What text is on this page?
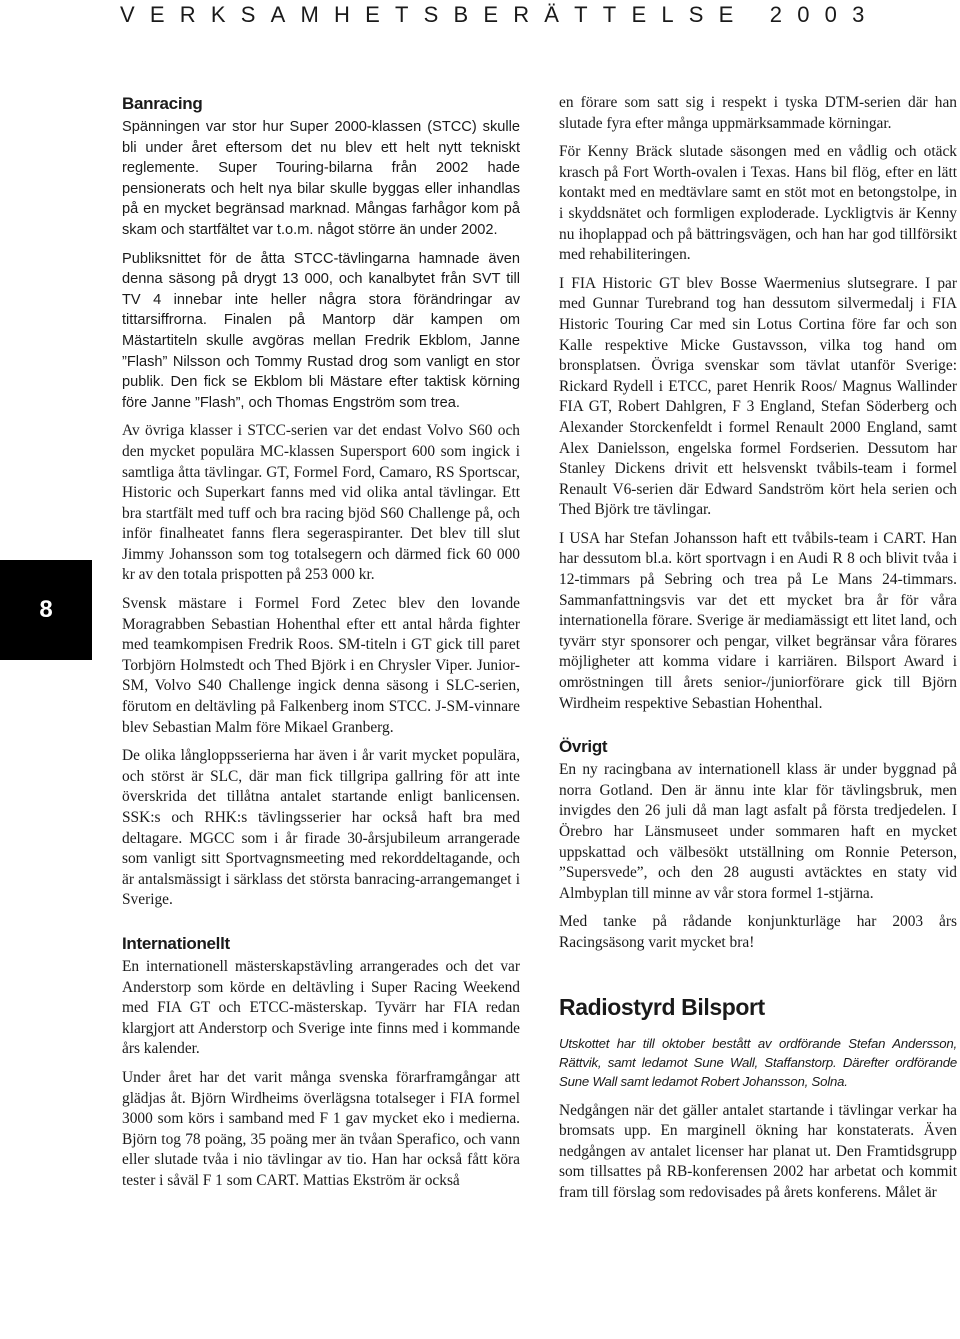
VERKSAMHETSBERÄTTELSE 2003
8
Banracing

Spänningen var stor hur Super 2000-klassen (STCC) skulle bli under året eftersom det nu blev ett helt nytt tekniskt reglemente. Super Touring-bilarna från 2002 hade pensionerats och helt nya bilar skulle byggas eller inhandlas på en mycket begränsad marknad. Mångas farhågor kom på skam och startfältet var t.o.m. något större än under 2002.

Publiksnittet för de åtta STCC-tävlingarna hamnade även denna säsong på drygt 13 000, och kanalbytet från SVT till TV 4 innebar inte heller några stora förändringar av tittarsiffrorna. Finalen på Mantorp där kampen om Mästartiteln skulle avgöras mellan Fredrik Ekblom, Janne ”Flash” Nilsson och Tommy Rustad drog som vanligt en stor publik. Den fick se Ekblom bli Mästare efter taktisk körning före Janne ”Flash”, och Thomas Engström som trea.

Av övriga klasser i STCC-serien var det endast Volvo S60 och den mycket populära MC-klassen Supersport 600 som ingick i samtliga åtta tävlingar. GT, Formel Ford, Camaro, RS Sportscar, Historic och Superkart fanns med vid olika antal tävlingar. Ett bra startfält med tuff och bra racing bjöd S60 Challenge på, och inför finalheatet fanns flera segeraspiranter. Det blev till slut Jimmy Johansson som tog totalsegern och därmed fick 60 000 kr av den totala prispotten på 253 000 kr.

Svensk mästare i Formel Ford Zetec blev den lovande Moragrabben Sebastian Hohenthal efter ett antal hårda fighter med teamkompisen Fredrik Roos. SM-titeln i GT gick till paret Torbjörn Holmstedt och Thed Björk i en Chrysler Viper. Junior-SM, Volvo S40 Challenge ingick denna säsong i SLC-serien, förutom en deltävling på Falkenberg inom STCC. J-SM-vinnare blev Sebastian Malm före Mikael Granberg.

De olika långloppsserierna har även i år varit mycket populära, och störst är SLC, där man fick tillgripa gallring för att inte överskrida det tillåtna antalet startande enligt banlicensen. SSK:s och RHK:s tävlingsserier har också haft bra med deltagare. MGCC som i år firade 30-årsjubileum arrangerade som vanligt sitt Sportvagnsmeeting med rekorddeltagande, och är antalsmässigt i särklass det största banracing-arrangemanget i Sverige.

Internationellt

En internationell mästerskapstävling arrangerades och det var Anderstorp som körde en deltävling i Super Racing Weekend med FIA GT och ETCC-mästerskap. Tyvärr har FIA redan klargjort att Anderstorp och Sverige inte finns med i kommande års kalender.

Under året har det varit många svenska förarframgångar att glädjas åt. Björn Wirdheims överlägsna totalseger i FIA formel 3000 som körs i samband med F 1 gav mycket eko i medierna. Björn tog 78 poäng, 35 poäng mer än tvåan Sperafico, och vann eller slutade tvåa i nio tävlingar av tio. Han har också fått köra tester i såväl F 1 som CART. Mattias Ekström är också

en förare som satt sig i respekt i tyska DTM-serien där han slutade fyra efter många uppmärksammade körningar.

För Kenny Bräck slutade säsongen med en vådlig och otäck krasch på Fort Worth-ovalen i Texas. Hans bil flög, efter en lätt kontakt med en medtävlare samt en stöt mot en betongstolpe, in i skyddsnätet och formligen exploderade. Lyckligtvis är Kenny nu ihoplappad och på bättringsvägen, och han har god tillförsikt med rehabiliteringen.

I FIA Historic GT blev Bosse Waermenius slutsegrare. I par med Gunnar Turebrand tog han dessutom silvermedalj i FIA Historic Touring Car med sin Lotus Cortina före far och son Kalle respektive Micke Gustavsson, vilka tog hand om bronsplatsen. Övriga svenskar som tävlat utanför Sverige: Rickard Rydell i ETCC, paret Henrik Roos/ Magnus Wallinder FIA GT, Robert Dahlgren, F 3 England, Stefan Söderberg och Alexander Storckenfeldt i formel Renault 2000 England, samt Alex Danielsson, engelska formel Fordserien. Dessutom har Stanley Dickens drivit ett helsvenskt tvåbils-team i formel Renault V6-serien där Edward Sandström kört hela serien och Thed Björk tre tävlingar.

I USA har Stefan Johansson haft ett tvåbils-team i CART. Han har dessutom bl.a. kört sportvagn i en Audi R 8 och blivit tvåa i 12-timmars på Sebring och trea på Le Mans 24-timmars. Sammanfattningsvis var det ett mycket bra år för våra internationella förare. Sverige är mediamässigt ett litet land, och tyvärr styr sponsorer och pengar, vilket begränsar våra förares möjligheter att komma vidare i karriären. Bilsport Award i omröstningen till årets senior-/juniorförare gick till Björn Wirdheim respektive Sebastian Hohenthal.

Övrigt

En ny racingbana av internationell klass är under byggnad på norra Gotland. Den är ännu inte klar för tävlingsbruk, men invigdes den 26 juli då man lagt asfalt på första tredjedelen. I Örebro har Länsmuseet under sommaren haft en mycket uppskattad och välbesökt utställning om Ronnie Peterson, ”Supersvede”, och den 28 augusti avtäcktes en staty vid Almbyplan till minne av vår stora formel 1-stjärna.

Med tanke på rådande konjunkturläge har 2003 års Racingsäsong varit mycket bra!

Radiostyrd Bilsport

Utskottet har till oktober bestått av ordförande Stefan Andersson, Rättvik, samt ledamot Sune Wall, Staffanstorp. Därefter ordförande Sune Wall samt ledamot Robert Johansson, Solna.

Nedgången när det gäller antalet startande i tävlingar verkar ha bromsats upp. En marginell ökning har konstaterats. Även nedgången av antalet licenser har planat ut. Den Framtidsgrupp som tillsattes på RB-konferensen 2002 har arbetat och kommit fram till förslag som redovisades på årets konferens. Målet är
